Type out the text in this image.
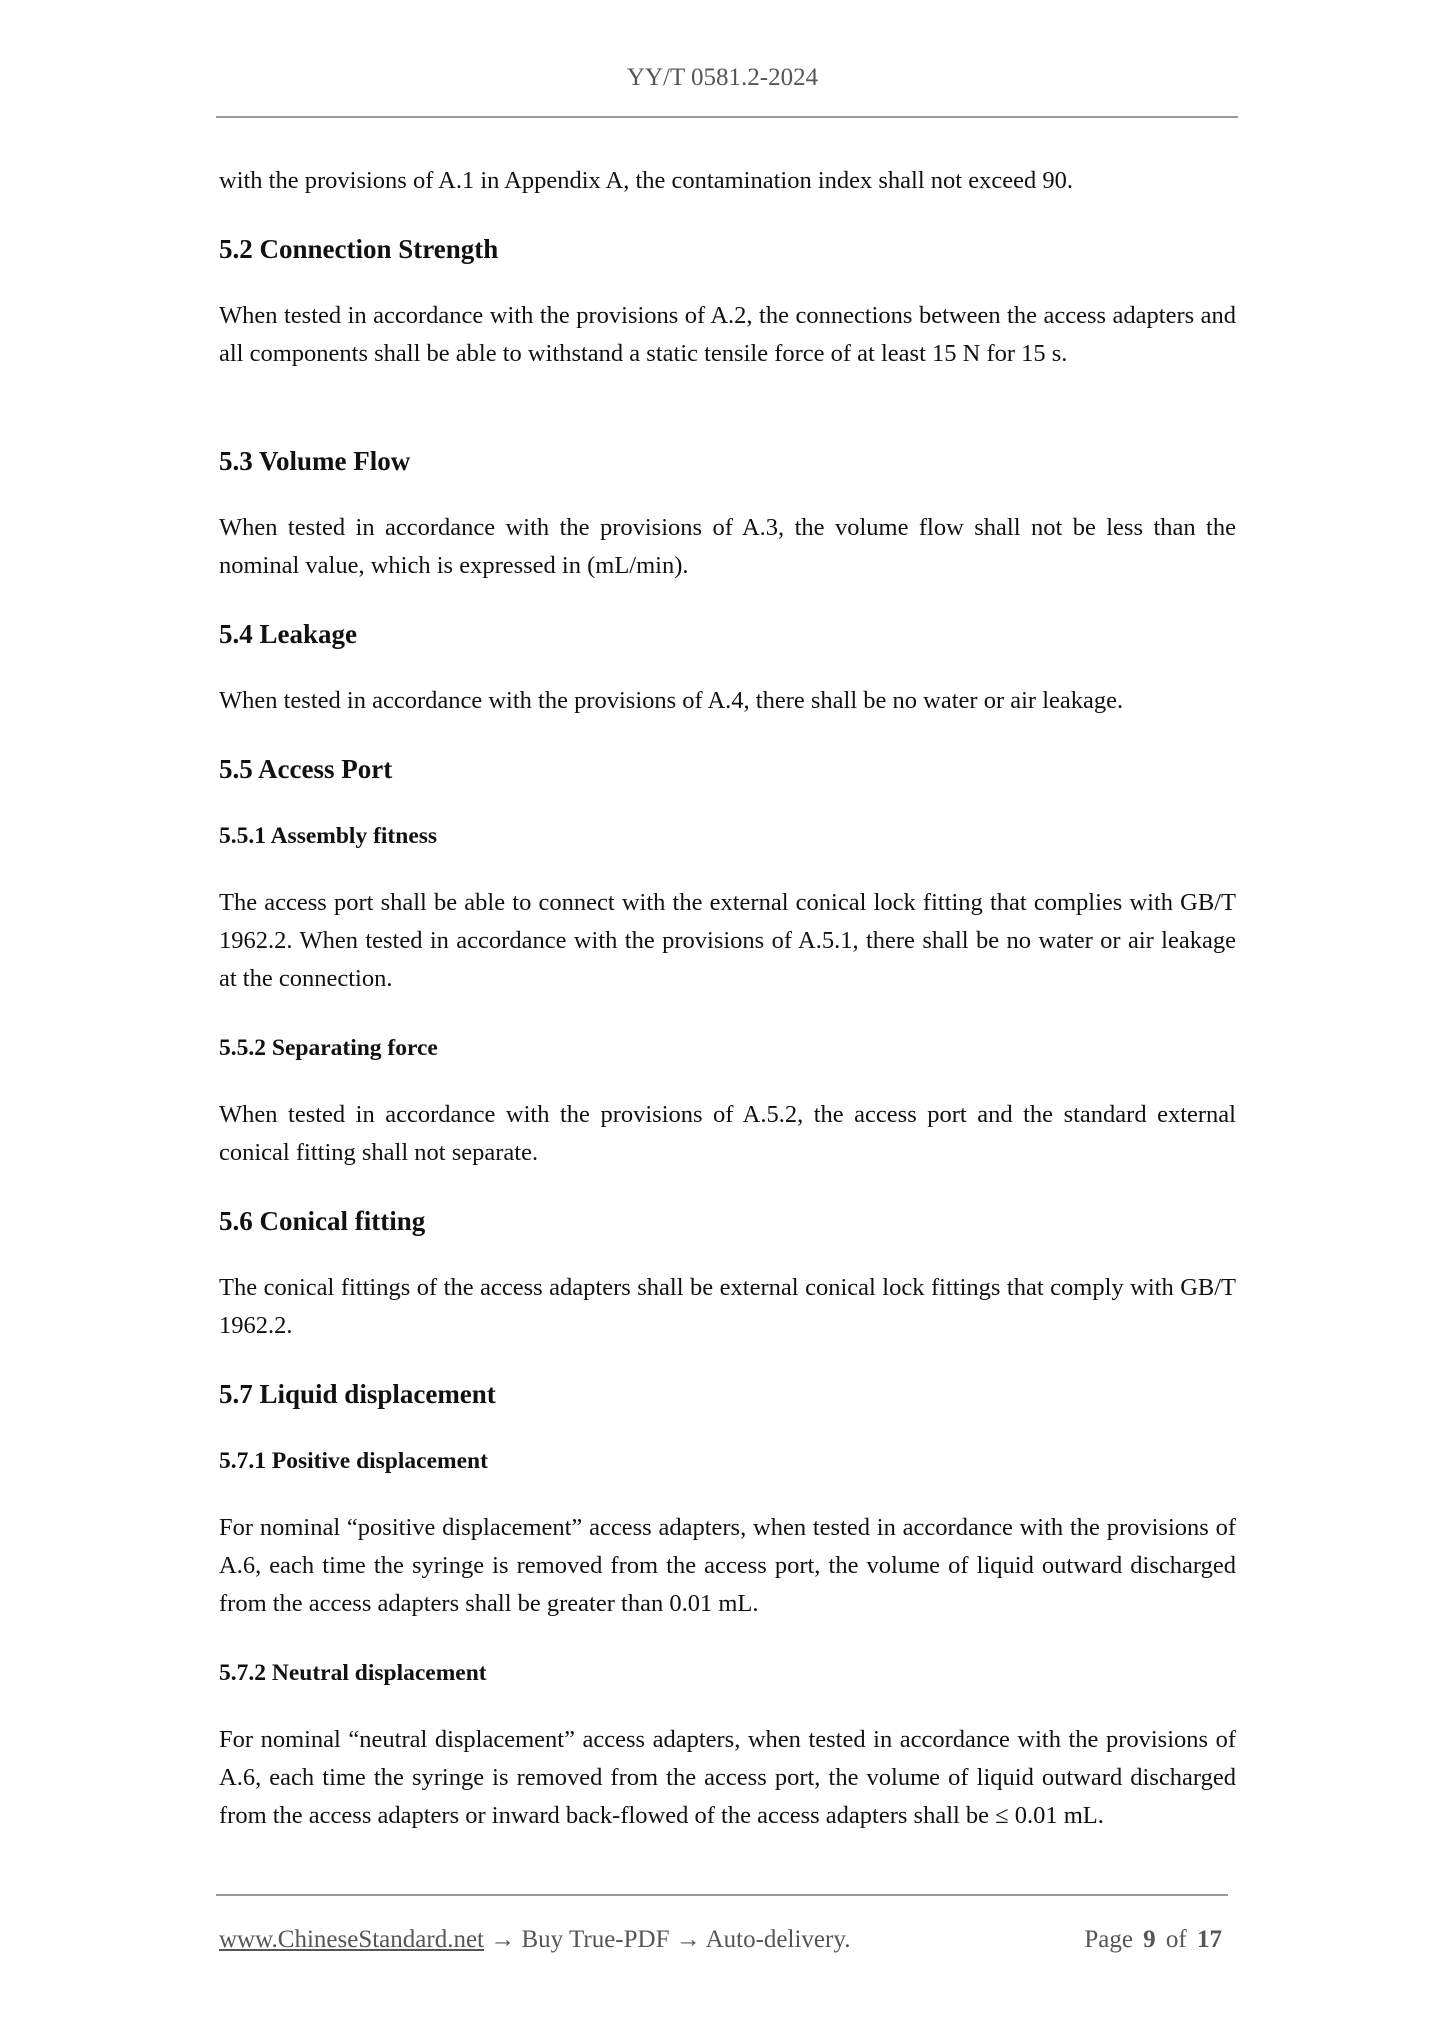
YY/T 0581.2-2024

with the provisions of A.1 in Appendix A, the contamination index shall not exceed 90.

5.2 Connection Strength

When tested in accordance with the provisions of A.2, the connections between the access adapters and all components shall be able to withstand a static tensile force of at least 15 N for 15 s.

5.3 Volume Flow

When tested in accordance with the provisions of A.3, the volume flow shall not be less than the nominal value, which is expressed in (mL/min).

5.4 Leakage

When tested in accordance with the provisions of A.4, there shall be no water or air leakage.

5.5 Access Port
5.5.1 Assembly fitness

The access port shall be able to connect with the external conical lock fitting that complies with GB/T 1962.2. When tested in accordance with the provisions of A.5.1, there shall be no water or air leakage at the connection.

5.5.2 Separating force

When tested in accordance with the provisions of A.5.2, the access port and the standard external conical fitting shall not separate.

5.6 Conical fitting

The conical fittings of the access adapters shall be external conical lock fittings that comply with GB/T 1962.2.

5.7 Liquid displacement
5.7.1 Positive displacement

For nominal “positive displacement” access adapters, when tested in accordance with the provisions of A.6, each time the syringe is removed from the access port, the volume of liquid outward discharged from the access adapters shall be greater than 0.01 mL.

5.7.2 Neutral displacement

For nominal “neutral displacement” access adapters, when tested in accordance with the provisions of A.6, each time the syringe is removed from the access port, the volume of liquid outward discharged from the access adapters or inward back-flowed of the access adapters shall be ≤ 0.01 mL.

www.ChineseStandard.net → Buy True-PDF → Auto-delivery.	Page 9 of 17
